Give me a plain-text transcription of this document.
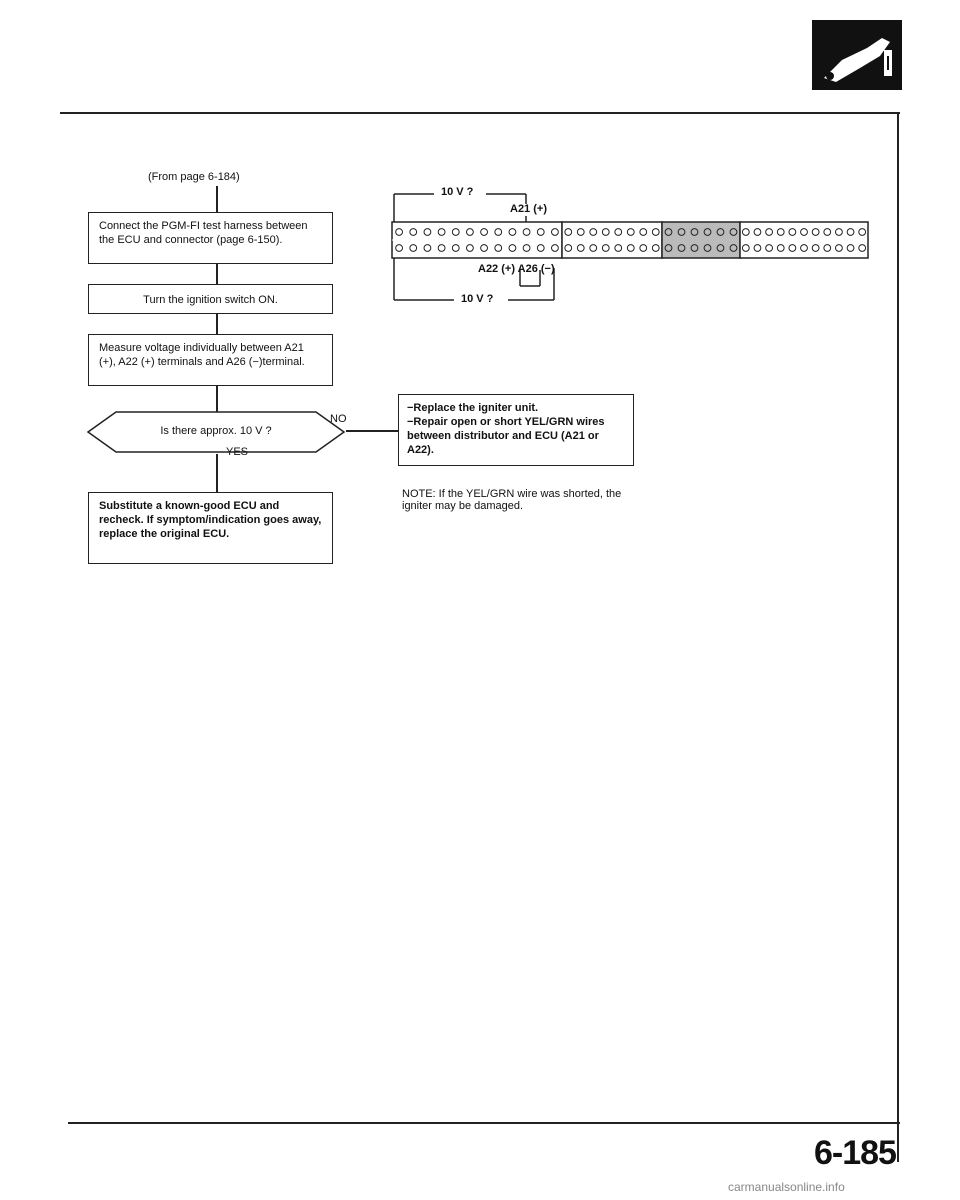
(From page 6-184)
Connect the PGM-FI test harness between the ECU and connector (page 6-150).
Turn the ignition switch ON.
Measure voltage individually between A21 (+), A22 (+) terminals and A26 (−)terminal.
Is there approx. 10 V ?
NO
−Replace the igniter unit.
−Repair open or short YEL/GRN wires between distributor and ECU (A21 or A22).
NOTE: If the YEL/GRN wire was shorted, the igniter may be damaged.
YES
Substitute a known-good ECU and recheck. If symptom/indication goes away, replace the original ECU.
10 V ?
A21 (+)
A22 (+) A26 (−)
10 V ?
6-185
carmanualsonline.info
